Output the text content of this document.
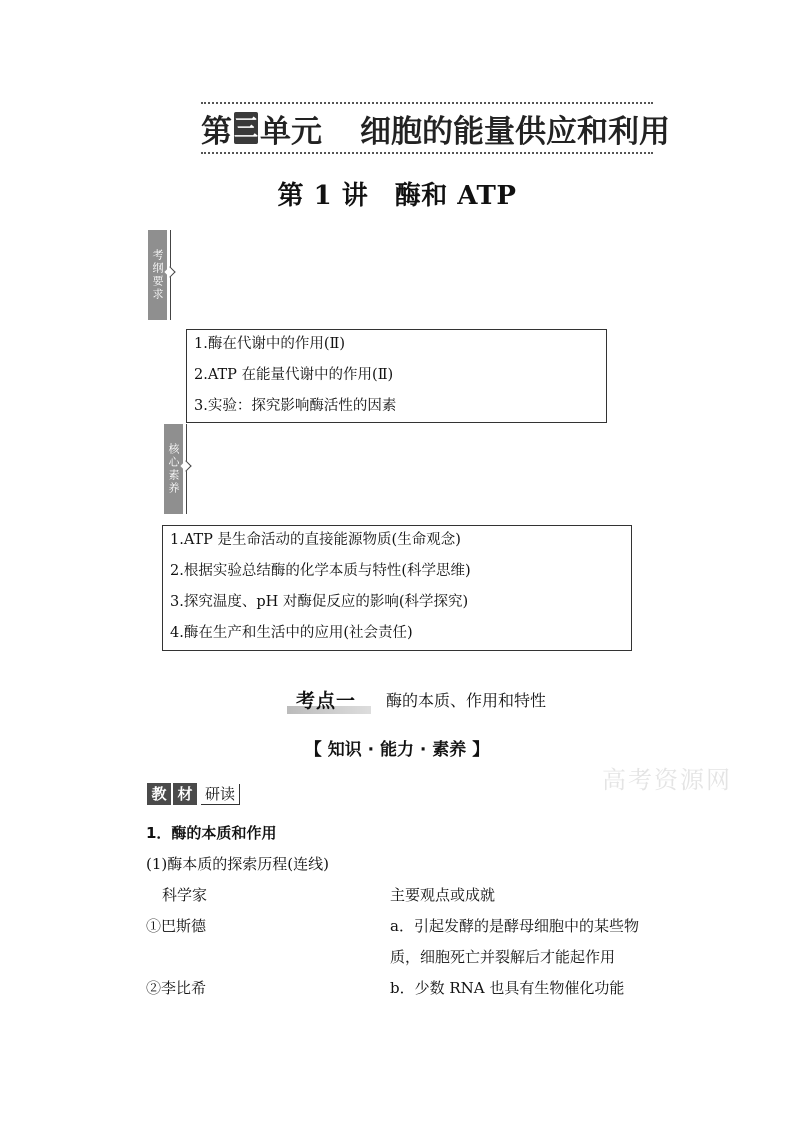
第 三 单元 细胞的能量供应和利用
第 1 讲　酶和 ATP
考纲要求
1.酶在代谢中的作用(Ⅱ)
2.ATP 在能量代谢中的作用(Ⅱ)
3.实验：探究影响酶活性的因素
核心素养
1.ATP 是生命活动的直接能源物质(生命观念)
2.根据实验总结酶的化学本质与特性(科学思维)
3.探究温度、pH 对酶促反应的影响(科学探究)
4.酶在生产和生活中的应用(社会责任)
考点一 酶的本质、作用和特性
【 知识 · 能力 · 素养 】
高考资源网
教 材 研读
1．酶的本质和作用
(1)酶本质的探索历程(连线)
科学家	主要观点或成就
①巴斯德	a．引起发酵的是酵母细胞中的某些物
质，细胞死亡并裂解后才能起作用
②李比希	b．少数 RNA 也具有生物催化功能
